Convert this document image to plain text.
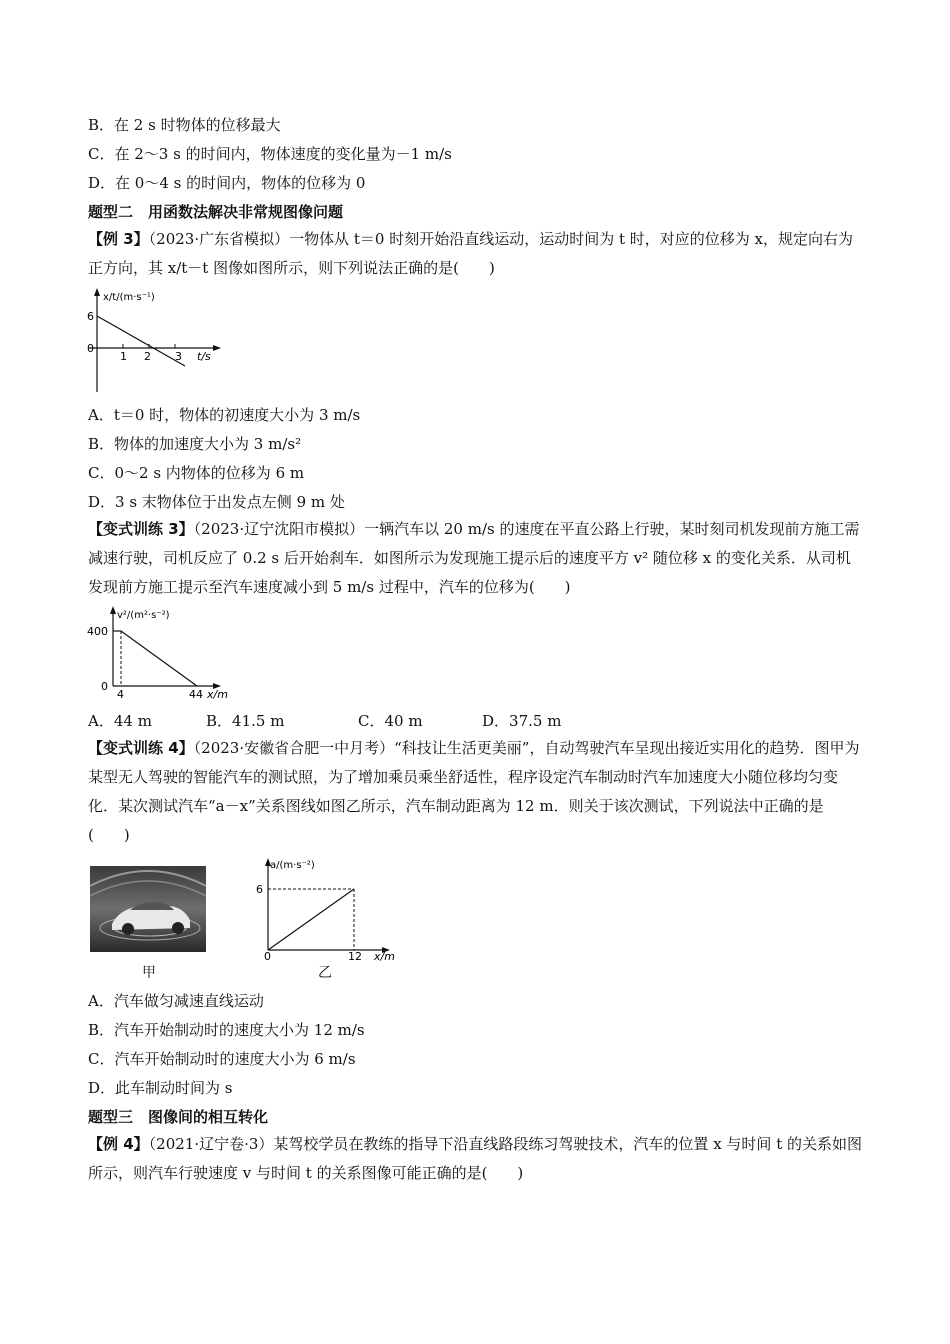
B．在 2 s 时物体的位移最大
C．在 2～3 s 的时间内，物体速度的变化量为－1 m/s
D．在 0～4 s 的时间内，物体的位移为 0
题型二　用函数法解决非常规图像问题
【例 3】（2023·广东省模拟）一物体从 t＝0 时刻开始沿直线运动，运动时间为 t 时，对应的位移为 x，规定向右为正方向，其 x/t－t 图像如图所示，则下列说法正确的是(　　)
x/t/(m·s⁻¹)
6
0
1 2 3 t/s
A．t＝0 时，物体的初速度大小为 3 m/s
B．物体的加速度大小为 3 m/s²
C．0～2 s 内物体的位移为 6 m
D．3 s 末物体位于出发点左侧 9 m 处
【变式训练 3】（2023·辽宁沈阳市模拟）一辆汽车以 20 m/s 的速度在平直公路上行驶，某时刻司机发现前方施工需减速行驶，司机反应了 0.2 s 后开始刹车．如图所示为发现施工提示后的速度平方 v² 随位移 x 的变化关系．从司机发现前方施工提示至汽车速度减小到 5 m/s 过程中，汽车的位移为(　　)
v²/(m²·s⁻²)
400
0
4	44 x/m
A．44 m	B．41.5 m	C．40 m	D．37.5 m
【变式训练 4】（2023·安徽省合肥一中月考）“科技让生活更美丽”，自动驾驶汽车呈现出接近实用化的趋势．图甲为某型无人驾驶的智能汽车的测试照，为了增加乘员乘坐舒适性，程序设定汽车制动时汽车加速度大小随位移均匀变化．某次测试汽车“a－x”关系图线如图乙所示，汽车制动距离为 12 m．则关于该次测试，下列说法中正确的是(　　)
甲
a/(m·s⁻²)
6
0	12 x/m
乙
A．汽车做匀减速直线运动
B．汽车开始制动时的速度大小为 12 m/s
C．汽车开始制动时的速度大小为 6 m/s
D．此车制动时间为 s
题型三　图像间的相互转化
【例 4】（2021·辽宁卷·3）某驾校学员在教练的指导下沿直线路段练习驾驶技术，汽车的位置 x 与时间 t 的关系如图所示，则汽车行驶速度 v 与时间 t 的关系图像可能正确的是(　　)
